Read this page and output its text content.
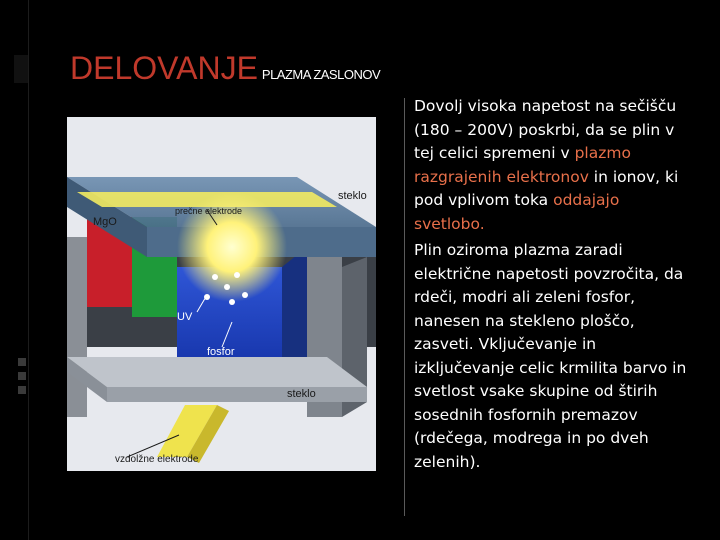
DELOVANJE PLAZMA ZASLONOV
steklo
prečne elektrode
MgO
UV
fosfor
steklo
vzdolžne elektrode

Dovolj visoka napetost na sečišču (180 – 200V) poskrbi, da se plin v tej celici spremeni v plazmo razgrajenih elektronov in ionov, ki pod vplivom toka oddajajo svetlobo.

Plin oziroma plazma zaradi električne napetosti povzročita, da rdeči, modri ali zeleni fosfor, nanesen na stekleno ploščo, zasveti. Vključevanje in izključevanje celic krmilita barvo in svetlost vsake skupine od štirih sosednih fosfornih premazov (rdečega, modrega in po dveh zelenih).
